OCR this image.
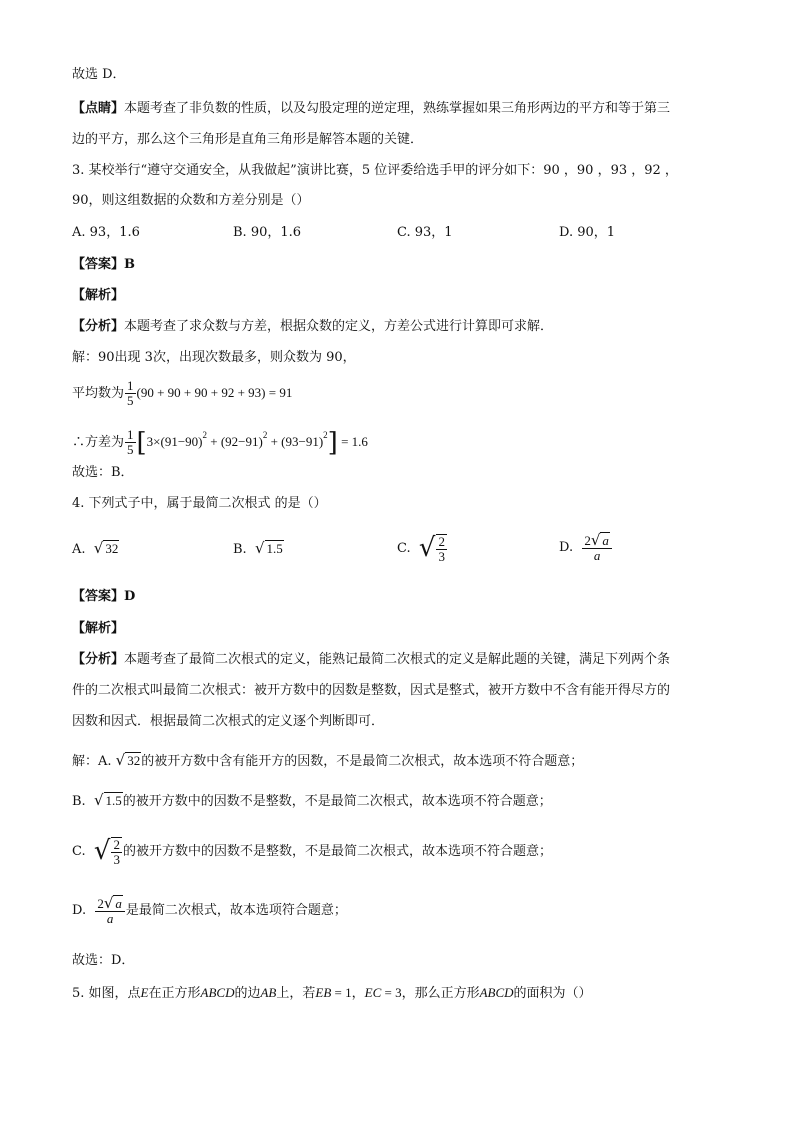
故选 D．
【点睛】本题考查了非负数的性质，以及勾股定理的逆定理，熟练掌握如果三角形两边的平方和等于第三
边的平方，那么这个三角形是直角三角形是解答本题的关键．
3. 某校举行“遵守交通安全，从我做起”演讲比赛，5 位评委给选手甲的评分如下：90 ，90 ，93 ，92 ，
90，则这组数据的众数和方差分别是（）
A. 93，1.6	B. 90，1.6	C. 93，1	D. 90，1
【答案】B
【解析】
【分析】本题考查了求众数与方差，根据众数的定义，方差公式进行计算即可求解．
解：90出现 3次，出现次数最多，则众数为 90，
平均数为 $\frac{1}{5} (90 + 90 + 90 + 92 + 93) = 91$
∴方差为 $\frac{1}{5} [3\times(91-90)^2 + (92-91)^2 + (93-91)^2] = 1.6$
故选：B．
4. 下列式子中，属于最简二次根式 的是（）
A. √ 32	B. √ 1.5	C. √ $\frac{2}{3}$	D. $\frac{2√ a}{a}$
【答案】D
【解析】
【分析】本题考查了最简二次根式的定义，能熟记最简二次根式的定义是解此题的关键，满足下列两个条
件的二次根式叫最简二次根式：被开方数中的因数是整数，因式是整式，被开方数中不含有能开得尽方的
因数和因式．根据最简二次根式的定义逐个判断即可．
解：A. √ 32的被开方数中含有能开方的因数，不是最简二次根式，故本选项不符合题意；
B. √ 1.5的被开方数中的因数不是整数，不是最简二次根式，故本选项不符合题意；
C. √ $\frac{2}{3}$ 的被开方数中的因数不是整数，不是最简二次根式，故本选项不符合题意；
D. $\frac{2√ a}{a}$ 是最简二次根式，故本选项符合题意；
故选：D．
5. 如图，点E在正方形ABCD的边AB上，若EB = 1，EC = 3，那么正方形ABCD的面积为（）
